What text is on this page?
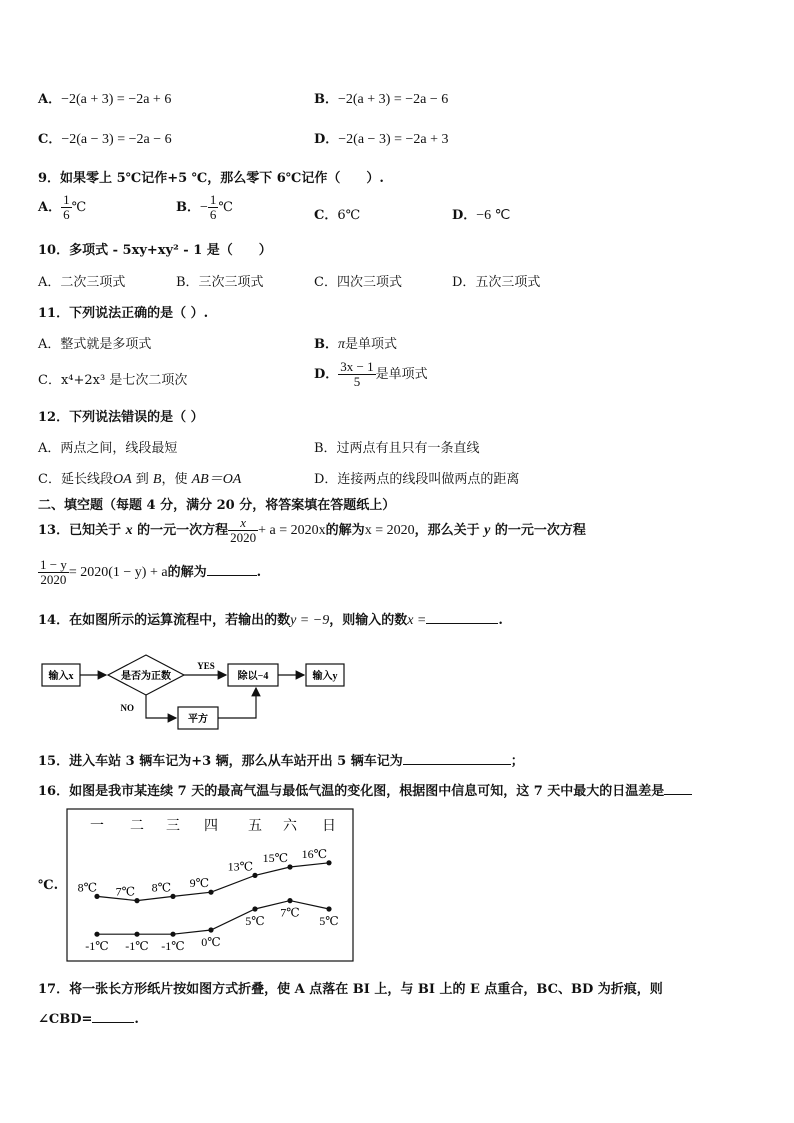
A．−2(a + 3) = −2a + 6	B．−2(a + 3) = −2a − 6
C．−2(a − 3) = −2a − 6	D．−2(a − 3) = −2a + 3
9．如果零上 5℃记作+5 ℃，那么零下 6℃记作（　　）.
A． $\frac{1}{6}$ ℃	B．− $\frac{1}{6}$ ℃
C．6℃	D．−6 ℃
10．多项式 - 5xy+xy² - 1 是（　　）
A．二次三项式	B．三次三项式	C．四次三项式	D．五次三项式
11．下列说法正确的是（ ）.
A．整式就是多项式	B．π是单项式
C．x⁴+2x³ 是七次二项次	D． $\frac{3x - 1}{5}$ 是单项式
12．下列说法错误的是（ ）
A．两点之间，线段最短	B．过两点有且只有一条直线
C．延长线段OA 到 B，使 AB＝OA	D．连接两点的线段叫做两点的距离
二、填空题（每题 4 分，满分 20 分，将答案填在答题纸上）
13．已知关于 x 的一元一次方程 $\frac{x}{2020} + a = 2020x$的解为x = 2020，那么关于 y 的一元一次方程
$\frac{1 - y}{2020} = 2020(1 - y) + a$的解为	.
14．在如图所示的运算流程中，若输出的数y = −9，则输入的数x =	.
输入x	是否为正数
YES
除以−4	输入y
NO
平方
15．进入车站 3 辆车记为+3 辆，那么从车站开出 5 辆车记为	；
16．如图是我市某连续 7 天的最高气温与最低气温的变化图，根据图中信息可知，这 7 天中最大的日温差是
℃.
一 二 三 四 五 六 日
8℃ 7℃ 8℃ 9℃
13℃
15℃ 16℃
-1℃ -1℃ -1℃ 0℃
5℃
7℃
5℃
17．将一张长方形纸片按如图方式折叠，使 A 点落在 BI 上，与 BI 上的 E 点重合，BC、BD 为折痕，则
∠CBD=	.
